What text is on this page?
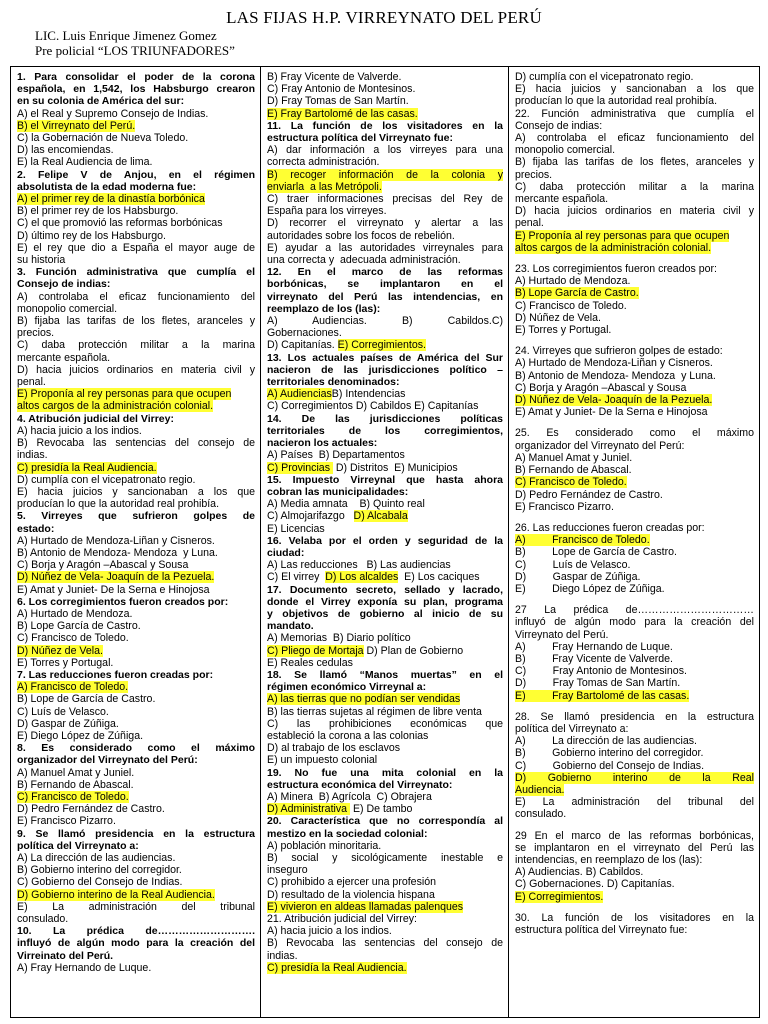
LAS FIJAS H.P. VIRREYNATO DEL PERÚ
LIC. Luis Enrique Jimenez Gomez
Pre policial “LOS TRIUNFADORES”
1. Para consolidar el poder de la corona
española, en 1,542, los Habsburgo crearon
en su colonia de América del sur:
A) el Real y Supremo Consejo de Indias.
B) el Virreynato del Perú.
C) la Gobernación de Nueva Toledo.
D) las encomiendas.
E) la Real Audiencia de lima.
2. Felipe V de Anjou, en el régimen
absolutista de la edad moderna fue:
A) el primer rey de la dinastía borbónica
B) el primer rey de los Habsburgo.
C) el que promovió las reformas borbónicas
D) último rey de los Habsburgo.
E) el rey que dio a España el mayor auge de
su historia
3. Función administrativa que cumplía el
Consejo de indias:
A) controlaba el eficaz funcionamiento del
monopolio comercial.
B) fijaba las tarifas de los fletes, aranceles y
precios.
C) daba protección militar a la marina
mercante española.
D) hacia juicios ordinarios en materia civil y
penal.
E) Proponía al rey personas para que ocupen
altos cargos de la administración colonial.
4. Atribución judicial del Virrey:
A) hacia juicio a los indios.
B) Revocaba las sentencias del consejo de
indias.
C) presidía la Real Audiencia.
D) cumplía con el vicepatronato regio.
E) hacia juicios y sancionaban a los que
producían lo que la autoridad real prohibía.
5. Virreyes que sufrieron golpes de
estado:
A) Hurtado de Mendoza-Liñan y Cisneros.
B) Antonio de Mendoza- Mendoza  y Luna.
C) Borja y Aragón –Abascal y Sousa
D) Núñez de Vela- Joaquín de la Pezuela.
E) Amat y Juniet- De la Serna e Hinojosa
6. Los corregimientos fueron creados por:
A) Hurtado de Mendoza.
B) Lope García de Castro.
C) Francisco de Toledo.
D) Núñez de Vela.
E) Torres y Portugal.
7. Las reducciones fueron creadas por:
A) Francisco de Toledo.
B) Lope de García de Castro.
C) Luís de Velasco.
D) Gaspar de Zúñiga.
E) Diego López de Zúñiga.
8. Es considerado como el máximo
organizador del Virreynato del Perú:
A) Manuel Amat y Juniel.
B) Fernando de Abascal.
C) Francisco de Toledo.
D) Pedro Fernández de Castro.
E) Francisco Pizarro.
9. Se llamó presidencia en la estructura
política del Virreynato a:
A) La dirección de las audiencias.
B) Gobierno interino del corregidor.
C) Gobierno del Consejo de Indias.
D) Gobierno interino de la Real Audiencia.
E) La administración del tribunal
consulado.
10. La prédica de……………………….
influyó de algún modo para la creación del
Virreinato del Perú.
A) Fray Hernando de Luque.
B) Fray Vicente de Valverde.
C) Fray Antonio de Montesinos.
D) Fray Tomas de San Martín.
E) Fray Bartolomé de las casas.
11. La función de los visitadores en la
estructura política del Virreynato fue:
A) dar información a los virreyes para una
correcta administración.
B) recoger información de la colonia y
enviarla  a las Metrópoli.
C) traer informaciones precisas del Rey de
España para los virreyes.
D) recorrer el virreynato y alertar a las
autoridades sobre los focos de rebelión.
E) ayudar a las autoridades virreynales para
una correcta y  adecuada administración.
12. En el marco de las reformas
borbónicas, se implantaron en el
virreynato del Perú las intendencias, en
reemplazo de los (las):
A) Audiencias. B) Cabildos.C)
Gobernaciones.
D) Capitanías. E) Corregimientos.
13. Los actuales países de América del Sur
nacieron de las jurisdicciones político –
territoriales denominados:
A) AudienciasB) Intendencias
C) Corregimientos D) Cabildos E) Capitanías
14. De las jurisdicciones políticas
territoriales de los corregimientos,
nacieron los actuales:
A) Países  B) Departamentos
C) Provincias  D) Distritos  E) Municipios
15. Impuesto Virreynal que hasta ahora
cobran las municipalidades:
A) Media amnata    B) Quinto real
C) Almojarifazgo   D) Alcabala
E) Licencias
16. Velaba por el orden y seguridad de la
ciudad:
A) Las reducciones   B) Las audiencias
C) El virrey  D) Los alcaldes  E) Los caciques
17. Documento secreto, sellado y lacrado,
donde el Virrey exponía su plan, programa
y objetivos de gobierno al inicio de su
mandato.
A) Memorias  B) Diario político
C) Pliego de Mortaja D) Plan de Gobierno
E) Reales cedulas
18. Se llamó “Manos muertas” en el
régimen económico Virreynal a:
A) las tierras que no podían ser vendidas
B) las tierras sujetas al régimen de libre venta
C) las prohibiciones económicas que
estableció la corona a las colonias
D) al trabajo de los esclavos
E) un impuesto colonial
19. No fue una mita colonial en la
estructura económica del Virreynato:
A) Minera  B) Agrícola  C) Obrajera
D) Administrativa  E) De tambo
20. Característica que no correspondía al
mestizo en la sociedad colonial:
A) población minoritaria.
B) social y sicológicamente inestable e
inseguro
C) prohibido a ejercer una profesión
D) resultado de la violencia hispana
E) vivieron en aldeas llamadas palenques
21. Atribución judicial del Virrey:
A) hacia juicio a los indios.
B) Revocaba las sentencias del consejo de
indias.
C) presidía la Real Audiencia.
D) cumplía con el vicepatronato regio.
E) hacia juicios y sancionaban a los que
producían lo que la autoridad real prohibía.
22. Función administrativa que cumplía el
Consejo de indias:
A) controlaba el eficaz funcionamiento del
monopolio comercial.
B) fijaba las tarifas de los fletes, aranceles y
precios.
C) daba protección militar a la marina
mercante española.
D) hacia juicios ordinarios en materia civil y
penal.
E) Proponía al rey personas para que ocupen
altos cargos de la administración colonial.
23. Los corregimientos fueron creados por:
A) Hurtado de Mendoza.
B) Lope García de Castro.
C) Francisco de Toledo.
D) Núñez de Vela.
E) Torres y Portugal.
24. Virreyes que sufrieron golpes de estado:
A) Hurtado de Mendoza-Liñan y Cisneros.
B) Antonio de Mendoza- Mendoza  y Luna.
C) Borja y Aragón –Abascal y Sousa
D) Núñez de Vela- Joaquín de la Pezuela.
E) Amat y Juniet- De la Serna e Hinojosa
25. Es considerado como el máximo
organizador del Virreynato del Perú:
A) Manuel Amat y Juniel.
B) Fernando de Abascal.
C) Francisco de Toledo.
D) Pedro Fernández de Castro.
E) Francisco Pizarro.
26. Las reducciones fueron creadas por:
A)         Francisco de Toledo.
B)         Lope de García de Castro.
C)         Luís de Velasco.
D)         Gaspar de Zúñiga.
E)         Diego López de Zúñiga.
27 La prédica de……………………………
influyó de algún modo para la creación del
Virreynato del Perú.
A)         Fray Hernando de Luque.
B)         Fray Vicente de Valverde.
C)         Fray Antonio de Montesinos.
D)         Fray Tomas de San Martín.
E)         Fray Bartolomé de las casas.
28. Se llamó presidencia en la estructura
política del Virreynato a:
A)         La dirección de las audiencias.
B)         Gobierno interino del corregidor.
C)         Gobierno del Consejo de Indias.
D) Gobierno interino de la Real
Audiencia.
E) La administración del tribunal del
consulado.
29 En el marco de las reformas borbónicas,
se implantaron en el virreynato del Perú las
intendencias, en reemplazo de los (las):
A) Audiencias. B) Cabildos.
C) Gobernaciones. D) Capitanías.
E) Corregimientos.
30. La función de los visitadores en la
estructura política del Virreynato fue:
